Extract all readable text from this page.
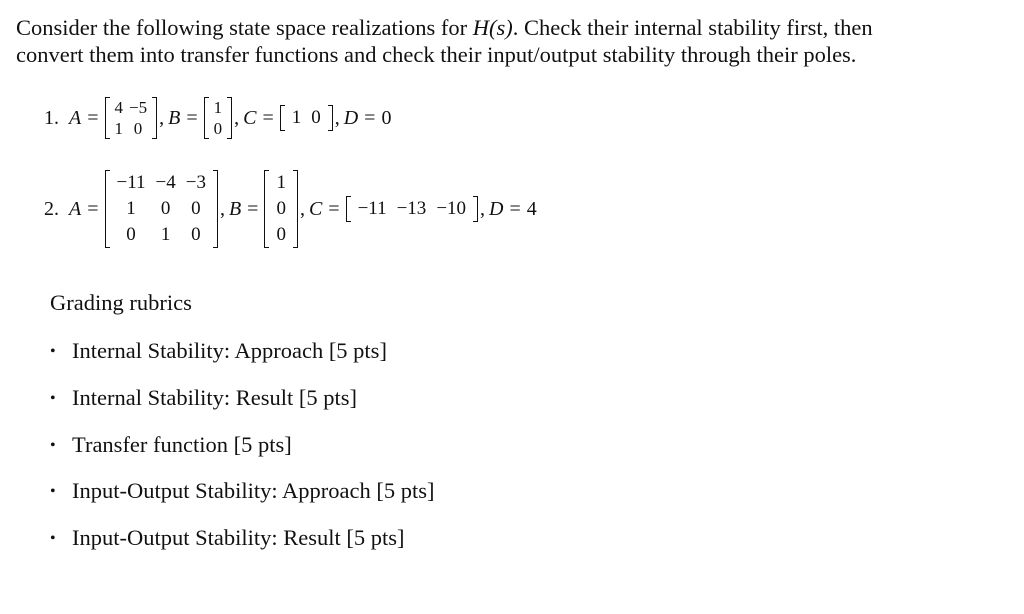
Consider the following state space realizations for H(s). Check their internal stability first, then
convert them into transfer functions and check their input/output stability through their poles.

1. A = 4	−5
1	0 , B = 1
0 , C = 1	0 , D = 0
2. A =
−11	−4	−3
1	0	0
0	1	0
, B =
1
0
0
, C = −11	−13	−10 , D = 4
Grading rubrics
• Internal Stability: Approach [5 pts]
• Internal Stability: Result [5 pts]
• Transfer function [5 pts]
• Input-Output Stability: Approach [5 pts]
• Input-Output Stability: Result [5 pts]
